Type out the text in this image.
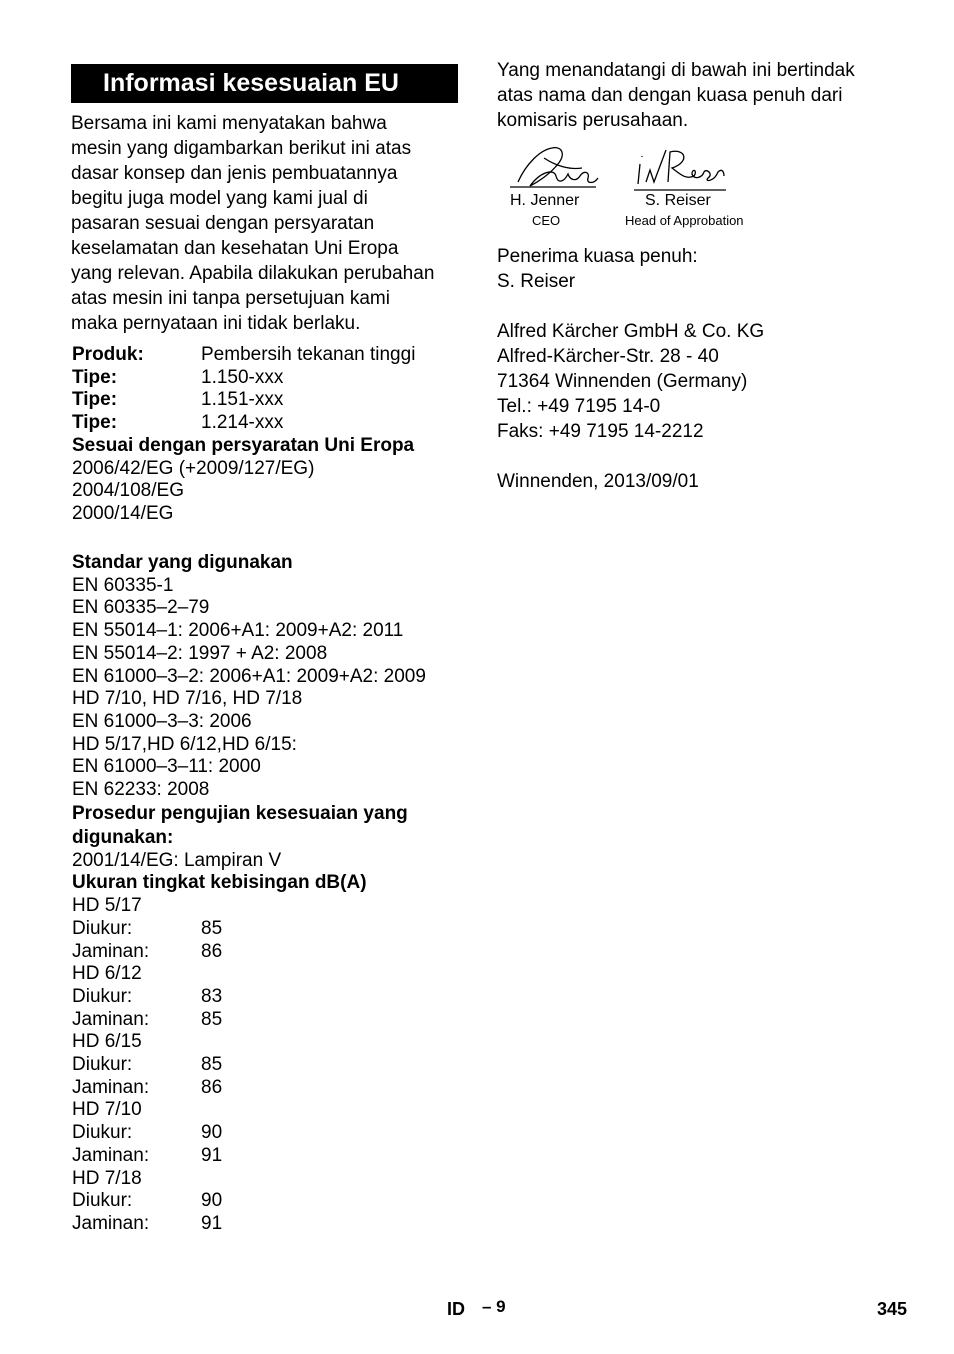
Informasi kesesuaian EU
Bersama ini kami menyatakan bahwa
mesin yang digambarkan berikut ini atas
dasar konsep dan jenis pembuatannya
begitu juga model yang kami jual di
pasaran sesuai dengan persyaratan
keselamatan dan kesehatan Uni Eropa
yang relevan. Apabila dilakukan perubahan
atas mesin ini tanpa persetujuan kami
maka pernyataan ini tidak berlaku.
Produk:	Pembersih tekanan tinggi
Tipe:	1.150-xxx
Tipe:	1.151-xxx
Tipe:	1.214-xxx
Sesuai dengan persyaratan Uni Eropa
2006/42/EG (+2009/127/EG)
2004/108/EG
2000/14/EG
Standar yang digunakan
EN 60335-1
EN 60335–2–79
EN 55014–1: 2006+A1: 2009+A2: 2011
EN 55014–2: 1997 + A2: 2008
EN 61000–3–2: 2006+A1: 2009+A2: 2009
HD 7/10, HD 7/16, HD 7/18
EN 61000–3–3: 2006
HD 5/17,HD 6/12,HD 6/15:
EN 61000–3–11: 2000
EN 62233: 2008
Prosedur pengujian kesesuaian yang
digunakan:
2001/14/EG: Lampiran V
Ukuran tingkat kebisingan dB(A)
HD 5/17
Diukur:	85
Jaminan:	86
HD 6/12
Diukur:	83
Jaminan:	85
HD 6/15
Diukur:	85
Jaminan:	86
HD 7/10
Diukur:	90
Jaminan:	91
HD 7/18
Diukur:	90
Jaminan:	91
Yang menandatangi di bawah ini bertindak
atas nama dan dengan kuasa penuh dari
komisaris perusahaan.
H. Jenner
CEO
S. Reiser
Head of Approbation
Penerima kuasa penuh:
S. Reiser
Alfred Kärcher GmbH & Co. KG
Alfred-Kärcher-Str. 28 - 40
71364 Winnenden (Germany)
Tel.: +49 7195 14-0
Faks: +49 7195 14-2212
Winnenden, 2013/09/01
ID – 9	345
